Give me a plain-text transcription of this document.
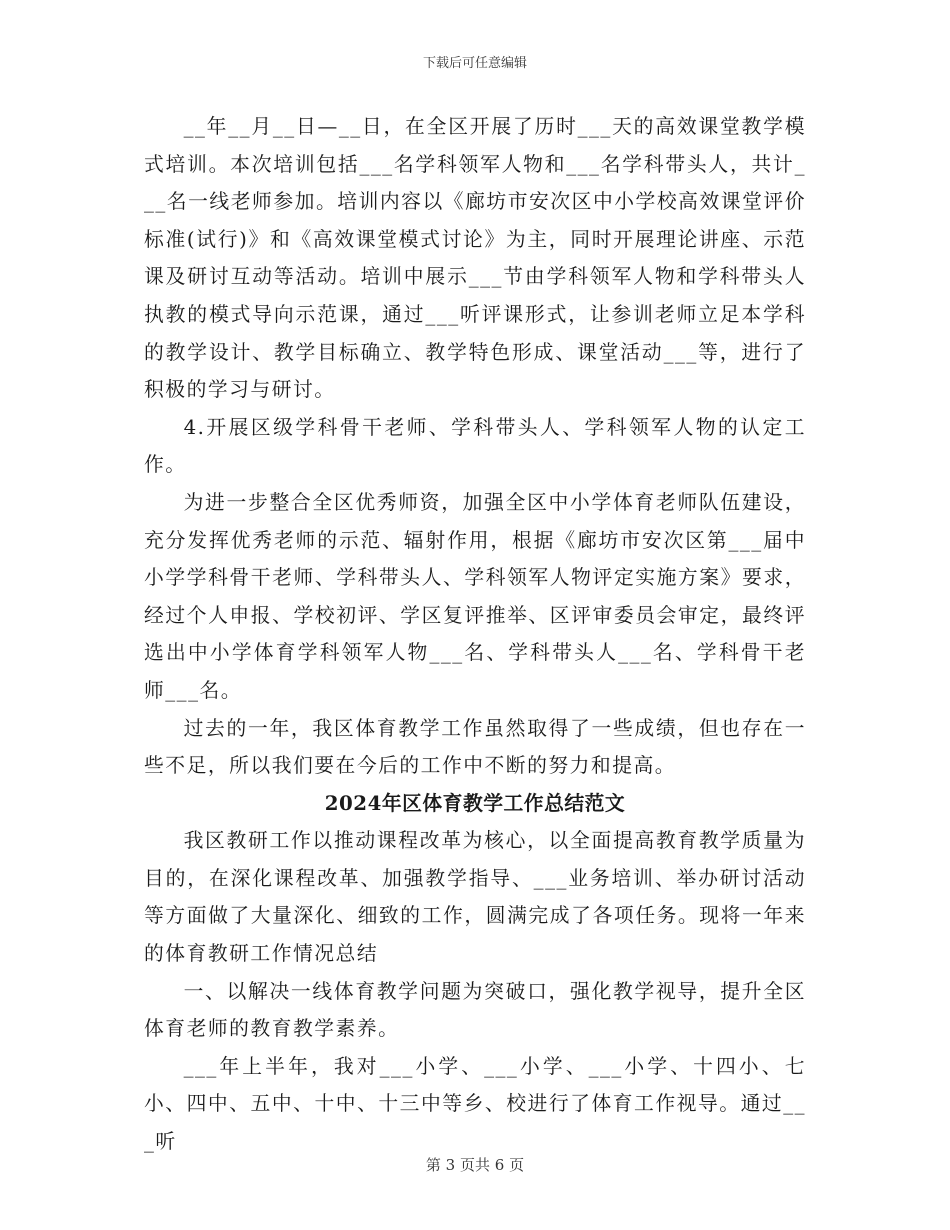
下载后可任意编辑

__年__月__日—__日，在全区开展了历时___天的高效课堂教学模式培训。本次培训包括___名学科领军人物和___名学科带头人，共计___名一线老师参加。培训内容以《廊坊市安次区中小学校高效课堂评价标准(试行)》和《高效课堂模式讨论》为主，同时开展理论讲座、示范课及研讨互动等活动。培训中展示___节由学科领军人物和学科带头人执教的模式导向示范课，通过___听评课形式，让参训老师立足本学科的教学设计、教学目标确立、教学特色形成、课堂活动___等，进行了积极的学习与研讨。

4.开展区级学科骨干老师、学科带头人、学科领军人物的认定工作。

为进一步整合全区优秀师资，加强全区中小学体育老师队伍建设，充分发挥优秀老师的示范、辐射作用，根据《廊坊市安次区第___届中小学学科骨干老师、学科带头人、学科领军人物评定实施方案》要求，经过个人申报、学校初评、学区复评推举、区评审委员会审定，最终评选出中小学体育学科领军人物___名、学科带头人___名、学科骨干老师___名。

过去的一年，我区体育教学工作虽然取得了一些成绩，但也存在一些不足，所以我们要在今后的工作中不断的努力和提高。

2024年区体育教学工作总结范文

我区教研工作以推动课程改革为核心，以全面提高教育教学质量为目的，在深化课程改革、加强教学指导、___业务培训、举办研讨活动等方面做了大量深化、细致的工作，圆满完成了各项任务。现将一年来的体育教研工作情况总结

一、以解决一线体育教学问题为突破口，强化教学视导，提升全区体育老师的教育教学素养。

___年上半年，我对___小学、___小学、___小学、十四小、七小、四中、五中、十中、十三中等乡、校进行了体育工作视导。通过___听

第 3 页共 6 页
